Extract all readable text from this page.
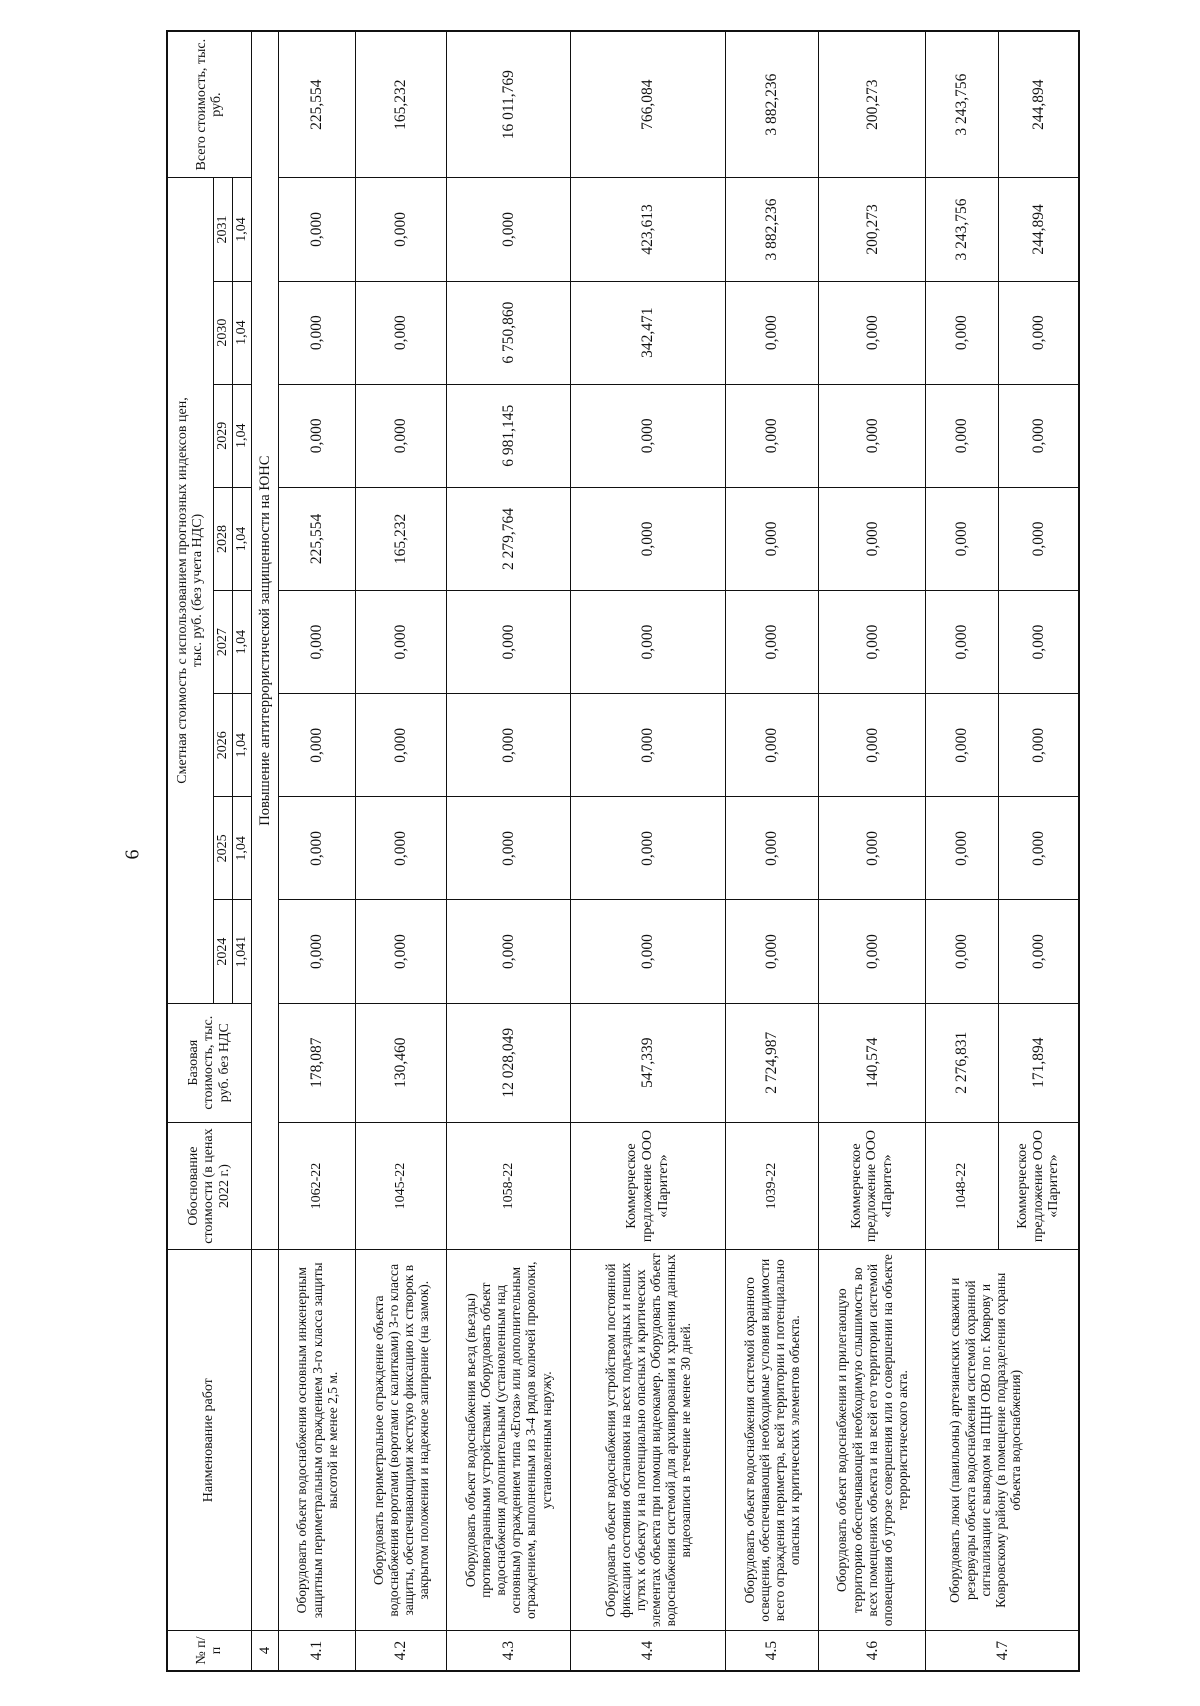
6
№ п/п	Наименование работ	Обоснование стоимости (в ценах 2022 г.)	Базовая стоимость, тыс. руб. без НДС	Сметная стоимость с использованием прогнозных индексов цен,
тыс. руб. (без учета НДС)								Всего стоимость, тыс. руб.
				2024	2025	2026	2027	2028	2029	2030	2031	
				1,041	1,04	1,04	1,04	1,04	1,04	1,04	1,04	
4		Повышение антитеррористической защищенности на ЮНС										
4.1	Оборудовать объект водоснабжения основным инженерным защитным периметральным ограждением 3-го класса защиты высотой не менее 2,5 м.	1062-22	178,087	0,000	0,000	0,000	0,000	225,554	0,000	0,000	0,000	225,554
4.2	Оборудовать периметральное ограждение объекта водоснабжения воротами (воротами с калитками) 3-го класса защиты, обеспечивающими жесткую фиксацию их створок в закрытом положении и надежное запирание (на замок).	1045-22	130,460	0,000	0,000	0,000	0,000	165,232	0,000	0,000	0,000	165,232
4.3	Оборудовать объект водоснабжения въезд (въезды) противотаранными устройствами. Оборудовать объект водоснабжения дополнительным (установленным над основным) ограждением типа «Егоза» или дополнительным ограждением, выполненным из 3-4 рядов колючей проволоки, установленным наружу.	1058-22	12 028,049	0,000	0,000	0,000	0,000	2 279,764	6 981,145	6 750,860	0,000	16 011,769
4.4	Оборудовать объект водоснабжения устройством постоянной фиксации состояния обстановки на всех подъездных и пеших путях к объекту и на потенциально опасных и критических элементах объекта при помощи видеокамер. Оборудовать объект водоснабжения системой для архивирования и хранения данных видеозаписи в течение не менее 30 дней.	Коммерческое предложение ООО «Паритет»	547,339	0,000	0,000	0,000	0,000	0,000	0,000	342,471	423,613	766,084
4.5	Оборудовать объект водоснабжения системой охранного освещения, обеспечивающей необходимые условия видимости всего ограждения периметра, всей территории и потенциально опасных и критических элементов объекта.	1039-22	2 724,987	0,000	0,000	0,000	0,000	0,000	0,000	0,000	3 882,236	3 882,236
4.6	Оборудовать объект водоснабжения и прилегающую территорию обеспечивающей необходимую слышимость во всех помещениях объекта и на всей его территории системой оповещения об угрозе совершения или о совершении на объекте террористического акта.	Коммерческое предложение ООО «Паритет»	140,574	0,000	0,000	0,000	0,000	0,000	0,000	0,000	200,273	200,273
4.7	Оборудовать люки (павильоны) артезианских скважин и резервуары объекта водоснабжения системой охранной сигнализации с выводом на ПЦН ОВО по г. Коврову и Ковровскому району (в помещение подразделения охраны объекта водоснабжения)	1048-22	2 276,831	0,000	0,000	0,000	0,000	0,000	0,000	0,000	3 243,756	3 243,756
		Коммерческое предложение ООО «Паритет»	171,894	0,000	0,000	0,000	0,000	0,000	0,000	0,000	244,894	244,894
